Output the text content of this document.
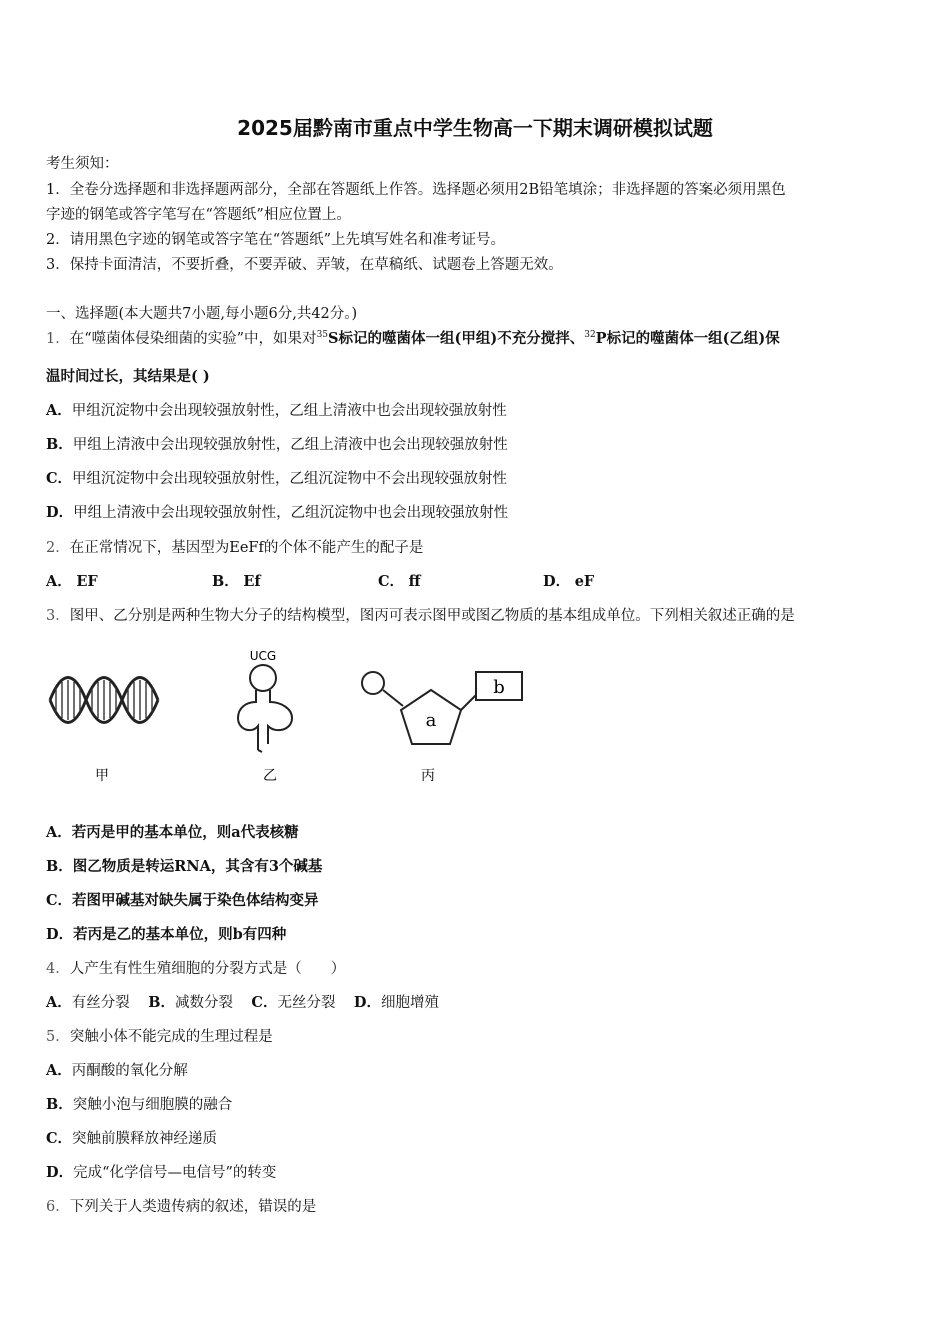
2025届黔南市重点中学生物高一下期末调研模拟试题
考生须知：
1．全卷分选择题和非选择题两部分，全部在答题纸上作答。选择题必须用2B铅笔填涂；非选择题的答案必须用黑色
字迹的钢笔或答字笔写在“答题纸”相应位置上。
2．请用黑色字迹的钢笔或答字笔在“答题纸”上先填写姓名和准考证号。
3．保持卡面清洁，不要折叠，不要弄破、弄皱，在草稿纸、试题卷上答题无效。
一、选择题(本大题共7小题,每小题6分,共42分。)
1．在“噬菌体侵染细菌的实验”中，如果对$^{35}$S标记的噬菌体一组(甲组)不充分搅拌、$^{32}$P标记的噬菌体一组(乙组)保
温时间过长，其结果是( )
A．甲组沉淀物中会出现较强放射性，乙组上清液中也会出现较强放射性
B．甲组上清液中会出现较强放射性，乙组上清液中也会出现较强放射性
C．甲组沉淀物中会出现较强放射性，乙组沉淀物中不会出现较强放射性
D．甲组上清液中会出现较强放射性，乙组沉淀物中也会出现较强放射性
2．在正常情况下，基因型为EeFf的个体不能产生的配子是
A． EF	B． Ef	C． ff	D． eF
3．图甲、乙分别是两种生物大分子的结构模型，图丙可表示图甲或图乙物质的基本组成单位。下列相关叙述正确的是
甲
UCG
乙
a
b
丙
A．若丙是甲的基本单位，则a代表核糖
B．图乙物质是转运RNA，其含有3个碱基
C．若图甲碱基对缺失属于染色体结构变异
D．若丙是乙的基本单位，则b有四种
4．人产生有性生殖细胞的分裂方式是（　　）
A．有丝分裂 B．减数分裂 C．无丝分裂 D．细胞增殖
5．突触小体不能完成的生理过程是
A．丙酮酸的氧化分解
B．突触小泡与细胞膜的融合
C．突触前膜释放神经递质
D．完成“化学信号—电信号”的转变
6．下列关于人类遗传病的叙述，错误的是
